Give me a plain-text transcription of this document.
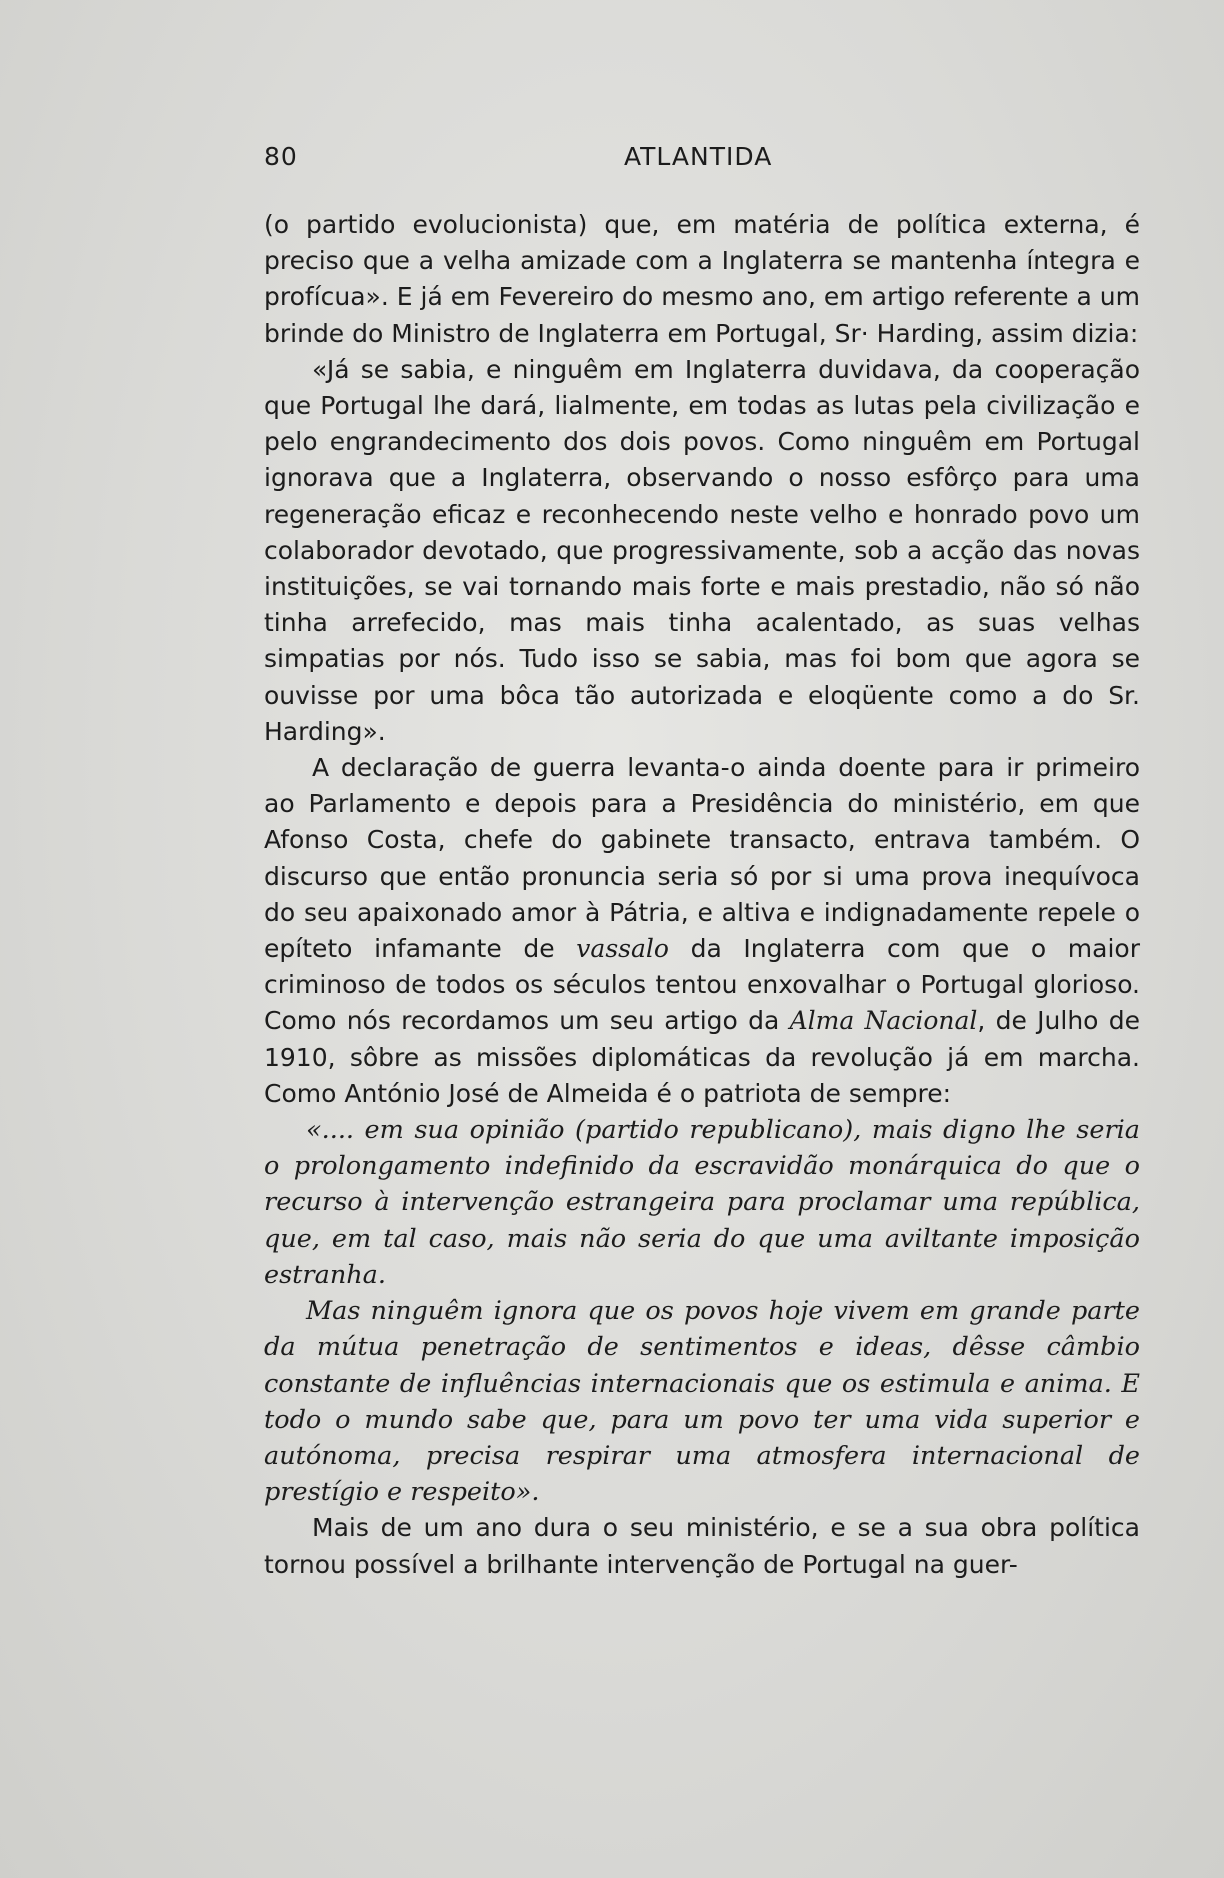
80	ATLANTIDA

(o partido evolucionista) que, em matéria de política externa, é preciso que a velha amizade com a Inglaterra se mantenha íntegra e profícua». E já em Fevereiro do mesmo ano, em artigo referente a um brinde do Ministro de Inglaterra em Portugal, Sr· Harding, assim dizia:

«Já se sabia, e ninguêm em Inglaterra duvidava, da cooperação que Portugal lhe dará, lialmente, em todas as lutas pela civilização e pelo engrandecimento dos dois povos. Como ninguêm em Portugal ignorava que a Inglaterra, observando o nosso esfôrço para uma regeneração eficaz e reconhecendo neste velho e honrado povo um colaborador devotado, que progressivamente, sob a acção das novas instituições, se vai tornando mais forte e mais prestadio, não só não tinha arrefecido, mas mais tinha acalentado, as suas velhas simpatias por nós. Tudo isso se sabia, mas foi bom que agora se ouvisse por uma bôca tão autorizada e eloqüente como a do Sr. Harding».

A declaração de guerra levanta-o ainda doente para ir primeiro ao Parlamento e depois para a Presidência do ministério, em que Afonso Costa, chefe do gabinete transacto, entrava também. O discurso que então pronuncia seria só por si uma prova inequívoca do seu apaixonado amor à Pátria, e altiva e indignadamente repele o epíteto infamante de vassalo da Inglaterra com que o maior criminoso de todos os séculos tentou enxovalhar o Portugal glorioso. Como nós recordamos um seu artigo da Alma Nacional, de Julho de 1910, sôbre as missões diplomáticas da revolução já em marcha. Como António José de Almeida é o patriota de sempre:

«.... em sua opinião (partido republicano), mais digno lhe seria o prolongamento indefinido da escravidão monárquica do que o recurso à intervenção estrangeira para proclamar uma república, que, em tal caso, mais não seria do que uma aviltante imposição estranha.

Mas ninguêm ignora que os povos hoje vivem em grande parte da mútua penetração de sentimentos e ideas, dêsse câmbio constante de influências internacionais que os estimula e anima. E todo o mundo sabe que, para um povo ter uma vida superior e autónoma, precisa respirar uma atmosfera internacional de prestígio e respeito».

Mais de um ano dura o seu ministério, e se a sua obra política tornou possível a brilhante intervenção de Portugal na guer-
